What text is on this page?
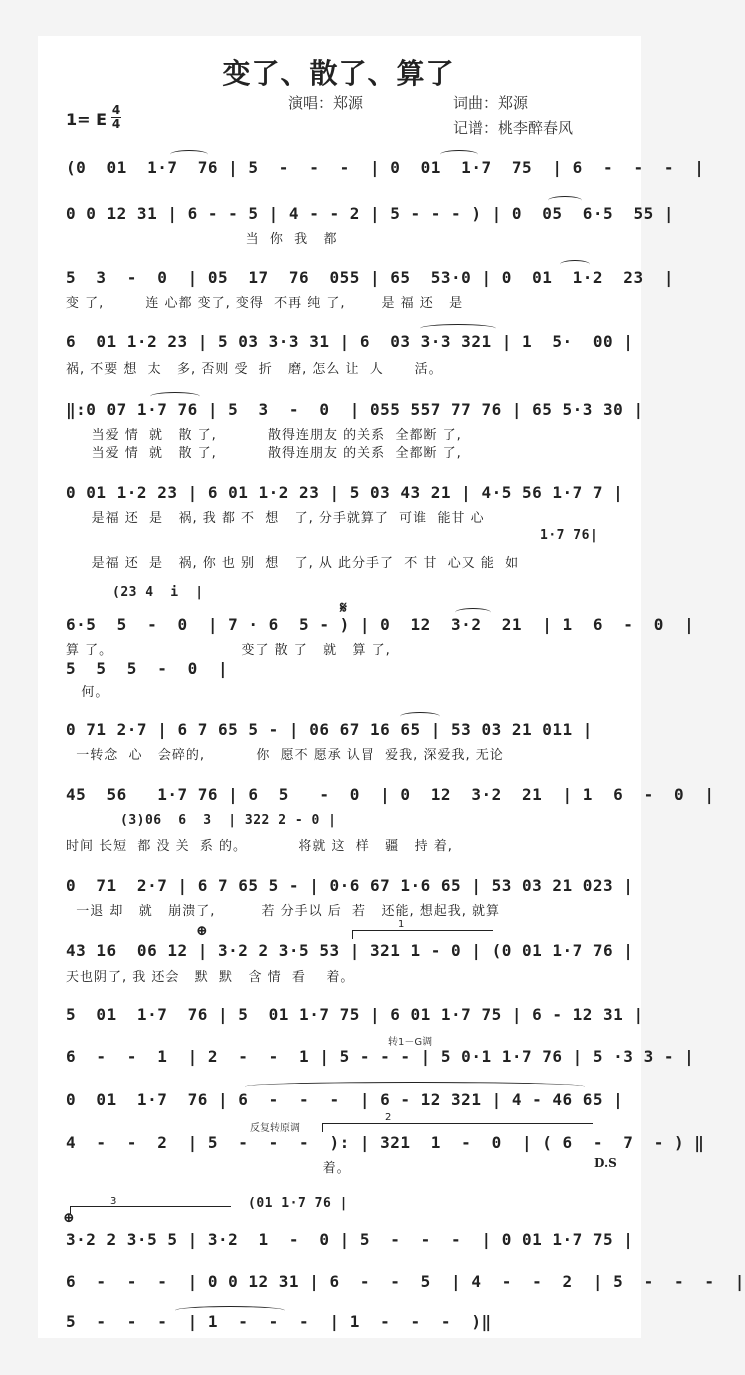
变了、散了、算了
演唱：郑源	词曲：郑源
记谱：桃李醉春风
1= E 4
4
(0  01  1·7  76 | 5  -  -  -  | 0  01  1·7  75  | 6  -  -  -  |
0 0 12 31 | 6 - - 5 | 4 - - 2 | 5 - - - ) | 0  05  6·5  55 |
当  你  我   都
5  3  -  0  | 05  17  76  055 | 65  53·0 | 0  01  1·2  23  |
变 了,        连 心都 变了, 变得  不再 纯 了,       是 福 还   是
6  01 1·2 23 | 5 03 3·3 31 | 6  03 3·3 321 | 1  5·  00 |
祸, 不要 想  太   多, 否则 受  折   磨, 怎么 让  人      活。
‖:0 07 1·7 76 | 5  3  -  0  | 055 557 77 76 | 65 5·3 30 |
当爱 情  就   散 了,          散得连朋友 的关系  全都断 了,
当爱 情  就   散 了,          散得连朋友 的关系  全都断 了,
0 01 1·2 23 | 6 01 1·2 23 | 5 03 43 21 | 4·5 56 1·7 7 |
是福 还  是   祸, 我 都 不  想   了, 分手就算了  可谁  能甘 心
1·7 76|
是福 还  是   祸, 你 也 别  想   了, 从 此分手了  不 甘  心又 能  如
(23 4  i  |
𝄋
6·5  5  -  0  | 7 · 6  5 - ) | 0  12  3·2  21  | 1  6  -  0  |
算 了。                         变了 散 了   就   算 了,
5  5  5  -  0  |
何。
0 71 2·7 | 6 7 65 5 - | 06 67 16 65 | 53 03 21 011 |
一转念  心   会碎的,          你  愿不 愿承 认冒  爱我, 深爱我, 无论
45  56   1·7 76 | 6  5   -  0  | 0  12  3·2  21  | 1  6  -  0  |
(3)06  6  3  | 322 2 - 0 |
时间 长短  都 没 关  系 的。          将就 这  样   疆   持 着,
0  71  2·7 | 6 7 65 5 - | 0·6 67 1·6 65 | 53 03 21 023 |
一退 却   就   崩溃了,         若 分手以 后  若   还能, 想起我, 就算
⊕	1
43 16  06 12 | 3·2 2 3·5 53 | 321 1 - 0 | (0 01 1·7 76 |
天也阴了, 我 还会   默  默   含 情  看    着。
5  01  1·7  76 | 5  01 1·7 75 | 6 01 1·7 75 | 6 - 12 31 |
转1－G调
6  -  -  1  | 2  -  -  1 | 5 - - - | 5 0·1 1·7 76 | 5 ·3 3 - |
0  01  1·7  76 | 6  -  -  -  | 6 - 12 321 | 4 - 46 65 |
反复转原调
2
4  -  -  2  | 5  -  -  -  ): | 321  1  -  0  | ( 6  -  7  - ) ‖
着。	D.S
3	(01 1·7 76 |
⊕
3·2 2 3·5 5 | 3·2  1  -  0 | 5  -  -  -  | 0 01 1·7 75 |
6  -  -  -  | 0 0 12 31 | 6  -  -  5  | 4  -  -  2  | 5  -  -  -  |
5  -  -  -  | 1  -  -  -  | 1  -  -  -  )‖
